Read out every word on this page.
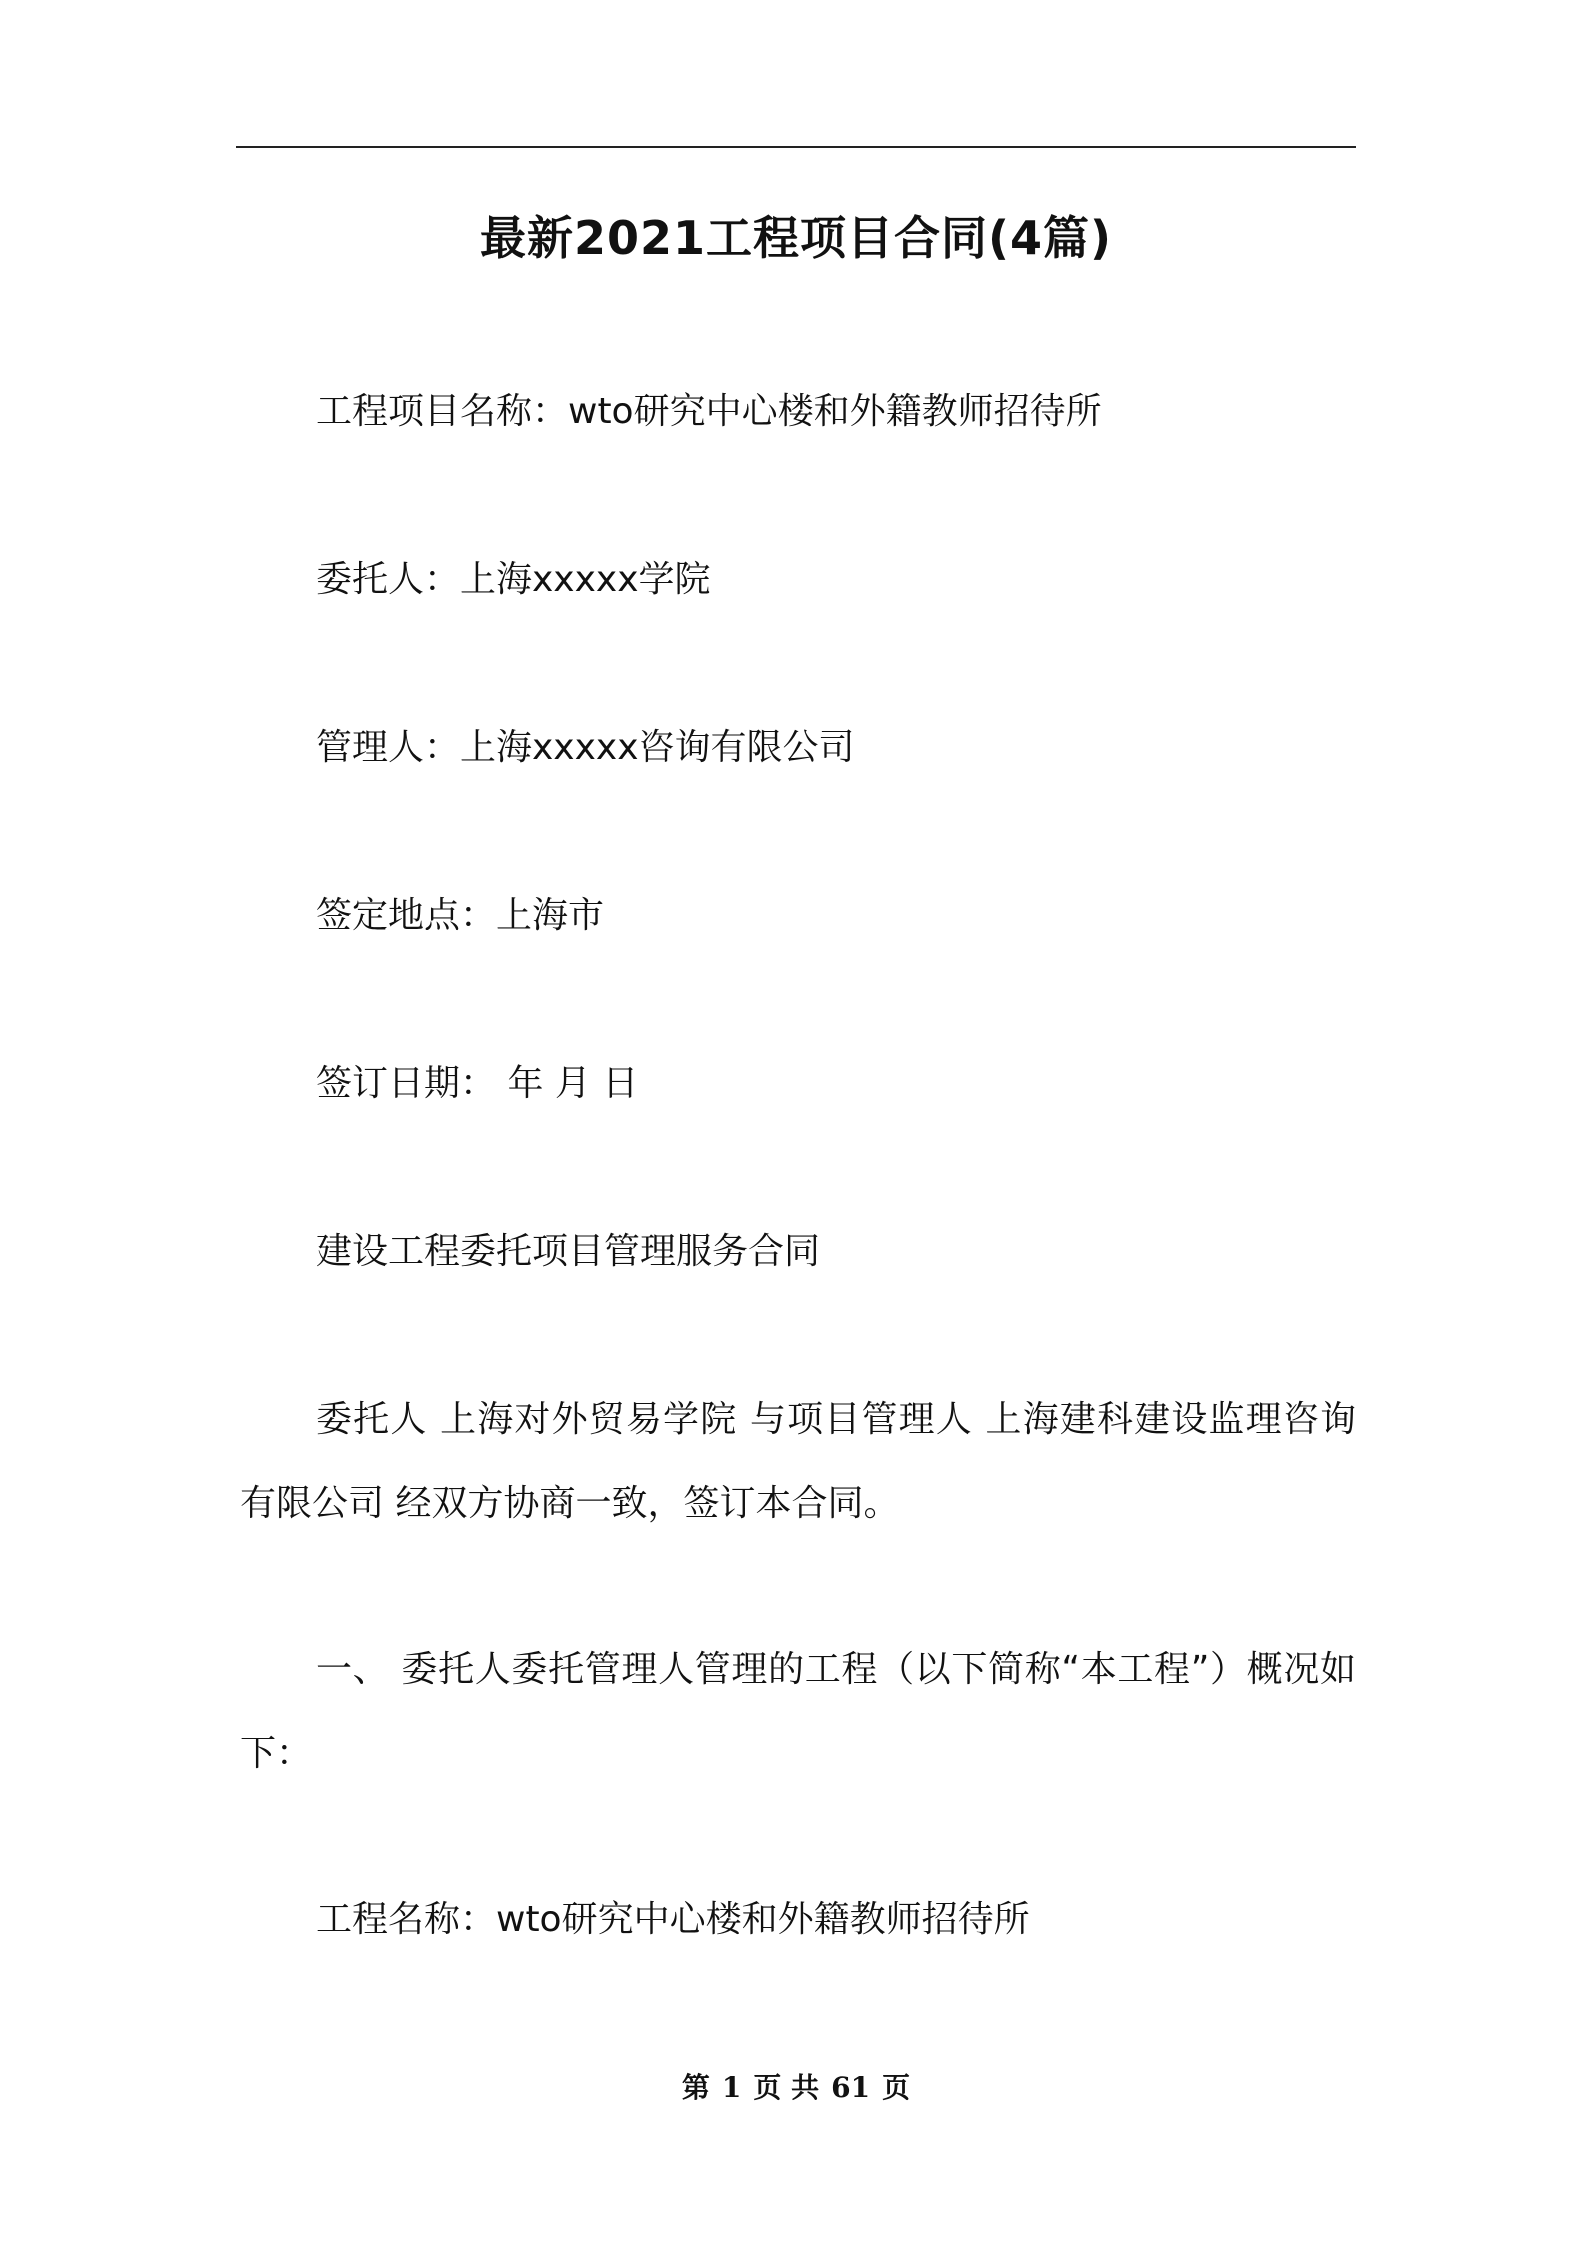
最新2021工程项目合同(4篇)

工程项目名称：wto研究中心楼和外籍教师招待所

委托人：上海xxxxx学院

管理人：上海xxxxx咨询有限公司

签定地点：上海市

签订日期： 年 月 日

建设工程委托项目管理服务合同

委托人 上海对外贸易学院 与项目管理人 上海建科建设监理咨询有限公司 经双方协商一致，签订本合同。

一、 委托人委托管理人管理的工程（以下简称“本工程”）概况如下：

工程名称：wto研究中心楼和外籍教师招待所

第 1 页 共 61 页
